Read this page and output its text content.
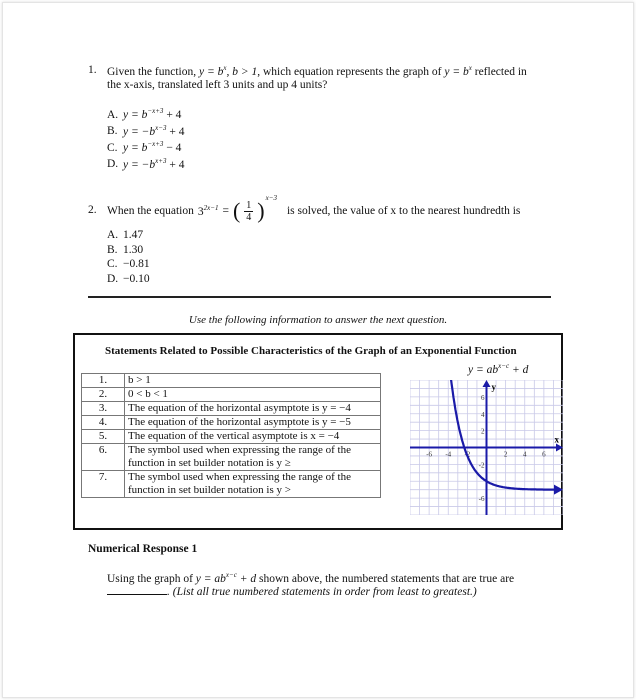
1. Given the function, $y = b^x$, b > 1, which equation represents the graph of $y = b^x$ reflected in
the x-axis, translated left 3 units and up 4 units?
A. $y = b^{-x+3} + 4$
B. $y = -b^{x-3} + 4$
C. $y = b^{-x+3} - 4$
D. $y = -b^{x+3} + 4$
2. When the equation $3^{2x-1}$ = ( $\frac{1}{4} )^{x-3}$
is solved, the value of x to the nearest hundredth is
A. 1.47
B. 1.30
C. −0.81
D. −0.10
Use the following information to answer the next question.
Statements Related to Possible Characteristics of the Graph of an Exponential Function
$y = ab^{x-c} + d$
1.	b > 1
2.	0 < b < 1
3.	The equation of the horizontal asymptote is y = −4
4.	The equation of the horizontal asymptote is y = −5
5.	The equation of the vertical asymptote is x = −4
6.	The symbol used when expressing the range of the function in set builder notation is y ≥
7.	The symbol used when expressing the range of the function in set builder notation is y >
x
y
-6 -4 -2	2 4 6
6
4
2
-2
-6
Numerical Response 1
Using the graph of $y = ab^{x-c} + d$ shown above, the numbered statements that are true are
. (List all true numbered statements in order from least to greatest.)
